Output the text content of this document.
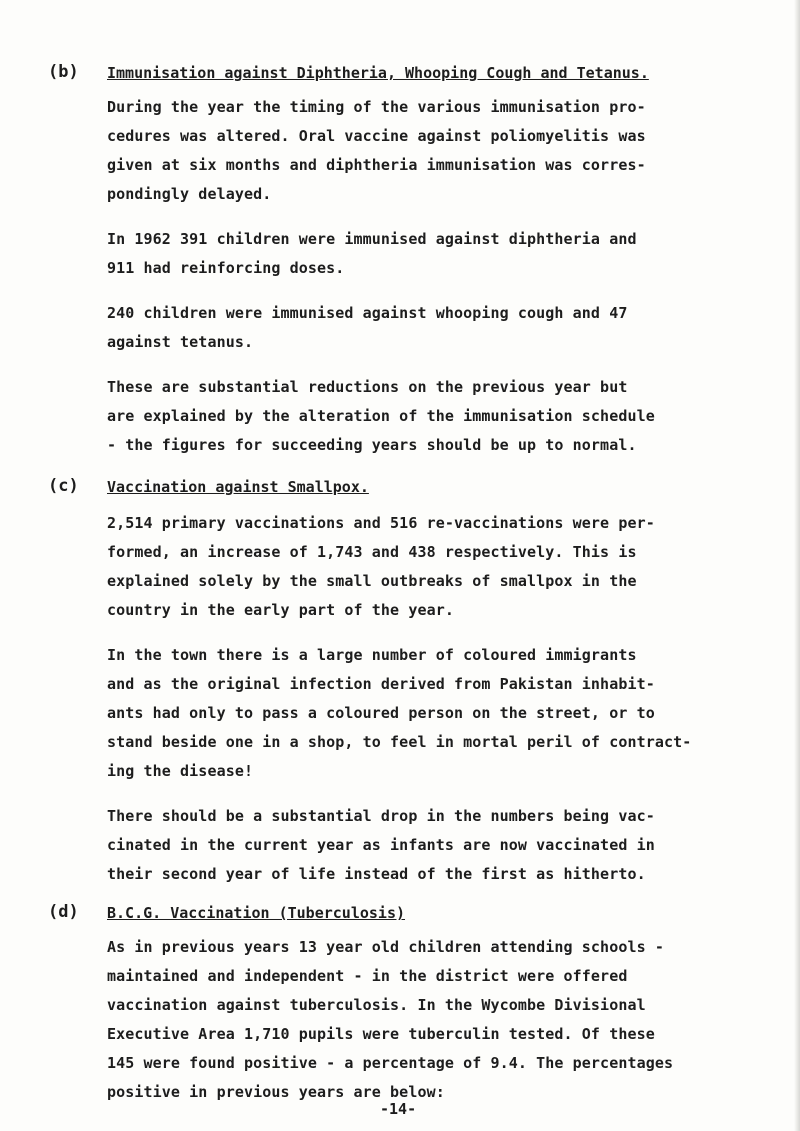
(b) Immunisation against Diphtheria, Whooping Cough and Tetanus.
During the year the timing of the various immunisation pro-
cedures was altered. Oral vaccine against poliomyelitis was
given at six months and diphtheria immunisation was corres-
pondingly delayed.
In 1962 391 children were immunised against diphtheria and
911 had reinforcing doses.
240 children were immunised against whooping cough and 47
against tetanus.
These are substantial reductions on the previous year but
are explained by the alteration of the immunisation schedule
- the figures for succeeding years should be up to normal.
(c) Vaccination against Smallpox.
2,514 primary vaccinations and 516 re-vaccinations were per-
formed, an increase of 1,743 and 438 respectively. This is
explained solely by the small outbreaks of smallpox in the
country in the early part of the year.
In the town there is a large number of coloured immigrants
and as the original infection derived from Pakistan inhabit-
ants had only to pass a coloured person on the street, or to
stand beside one in a shop, to feel in mortal peril of contract-
ing the disease!
There should be a substantial drop in the numbers being vac-
cinated in the current year as infants are now vaccinated in
their second year of life instead of the first as hitherto.
(d) B.C.G. Vaccination (Tuberculosis)
As in previous years 13 year old children attending schools -
maintained and independent - in the district were offered
vaccination against tuberculosis. In the Wycombe Divisional
Executive Area 1,710 pupils were tuberculin tested. Of these
145 were found positive - a percentage of 9.4. The percentages
positive in previous years are below:
-14-
